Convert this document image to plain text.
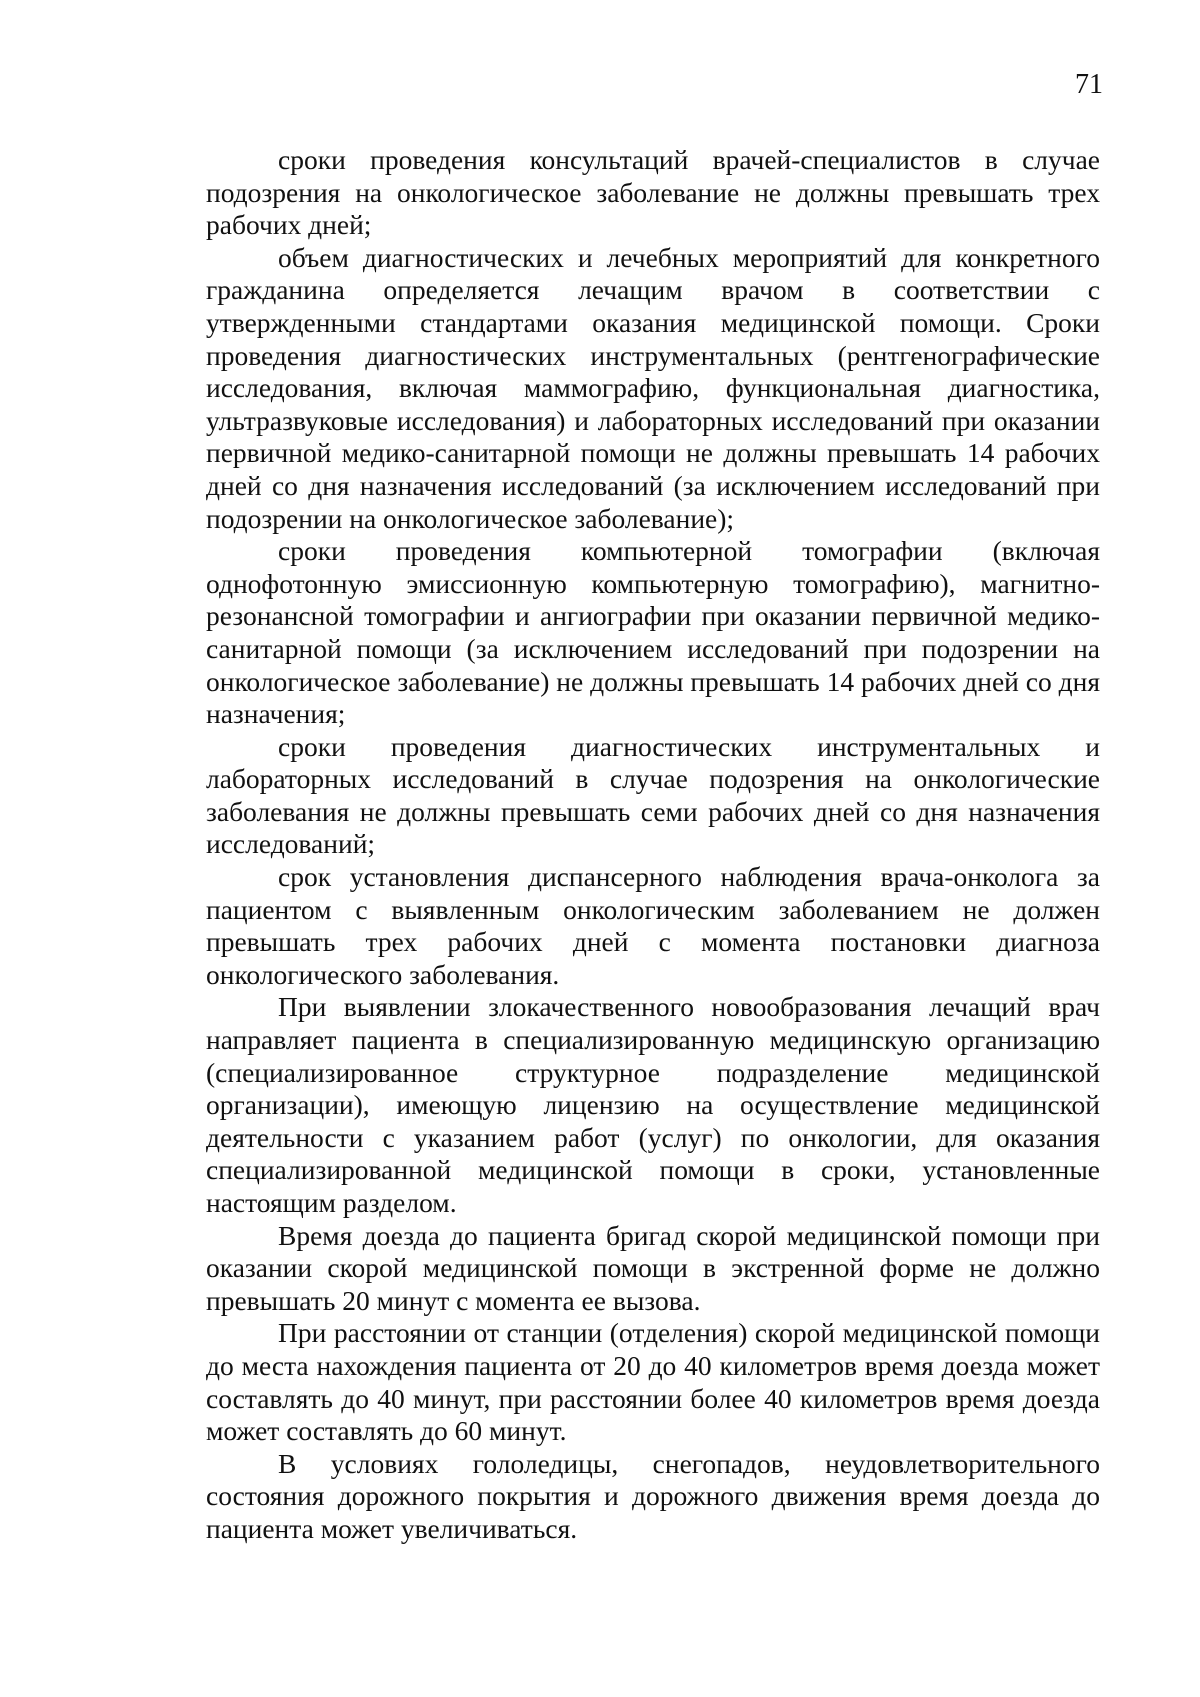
71

сроки проведения консультаций врачей-специалистов в случае подозрения на онкологическое заболевание не должны превышать трех рабочих дней;

объем диагностических и лечебных мероприятий для конкретного гражданина определяется лечащим врачом в соответствии с утвержденными стандартами оказания медицинской помощи. Сроки проведения диагностических инструментальных (рентгенографические исследования, включая маммографию, функциональная диагностика, ультразвуковые исследования) и лабораторных исследований при оказании первичной медико-санитарной помощи не должны превышать 14 рабочих дней со дня назначения исследований (за исключением исследований при подозрении на онкологическое заболевание);

сроки проведения компьютерной томографии (включая однофотонную эмиссионную компьютерную томографию), магнитно-резонансной томографии и ангиографии при оказании первичной медико-санитарной помощи (за исключением исследований при подозрении на онкологическое заболевание) не должны превышать 14 рабочих дней со дня назначения;

сроки проведения диагностических инструментальных и лабораторных исследований в случае подозрения на онкологические заболевания не должны превышать семи рабочих дней со дня назначения исследований;

срок установления диспансерного наблюдения врача-онколога за пациентом с выявленным онкологическим заболеванием не должен превышать трех рабочих дней с момента постановки диагноза онкологического заболевания.

При выявлении злокачественного новообразования лечащий врач направляет пациента в специализированную медицинскую организацию (специализированное структурное подразделение медицинской организации), имеющую лицензию на осуществление медицинской деятельности с указанием работ (услуг) по онкологии, для оказания специализированной медицинской помощи в сроки, установленные настоящим разделом.

Время доезда до пациента бригад скорой медицинской помощи при оказании скорой медицинской помощи в экстренной форме не должно превышать 20 минут с момента ее вызова.

При расстоянии от станции (отделения) скорой медицинской помощи до места нахождения пациента от 20 до 40 километров время доезда может составлять до 40 минут, при расстоянии более 40 километров время доезда может составлять до 60 минут.

В условиях гололедицы, снегопадов, неудовлетворительного состояния дорожного покрытия и дорожного движения время доезда до пациента может увеличиваться.
